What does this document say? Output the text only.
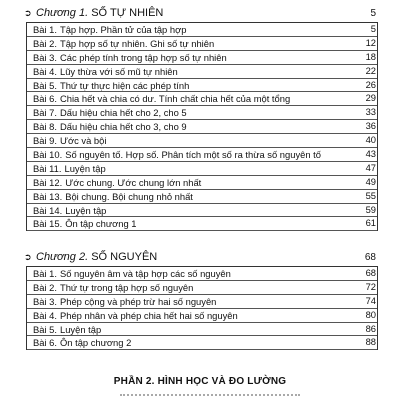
➲ Chương 1.
SỐ TỰ NHIÊN	5
Bài 1. Tập hợp. Phần tử của tập hợp
Bài 2. Tập hợp số tự nhiên. Ghi số tự nhiên
Bài 3. Các phép tính trong tập hợp số tự nhiên
Bài 4. Lũy thừa với số mũ tự nhiên
Bài 5. Thứ tự thực hiện các phép tính
Bài 6. Chia hết và chia có dư. Tính chất chia hết của một tổng
Bài 7. Dấu hiệu chia hết cho 2, cho 5
Bài 8. Dấu hiệu chia hết cho 3, cho 9
Bài 9. Ước và bội
Bài 10. Số nguyên tố. Hợp số. Phân tích một số ra thừa số nguyên tố
Bài 11. Luyện tập
Bài 12. Ước chung. Ước chung lớn nhất
Bài 13. Bội chung. Bội chung nhỏ nhất
Bài 14. Luyện tập
Bài 15. Ôn tập chương 1
5
12
18
22
26
29
33
36
40
43
47
49
55
59
61
➲ Chương 2.
SỐ NGUYÊN	68
Bài 1. Số nguyên âm và tập hợp các số nguyên
Bài 2. Thứ tự trong tập hợp số nguyên
Bài 3. Phép cộng và phép trừ hai số nguyên
Bài 4. Phép nhân và phép chia hết hai số nguyên
Bài 5. Luyện tập
Bài 6. Ôn tập chương 2
68
72
74
80
86
88
PHẦN 2. HÌNH HỌC VÀ ĐO LƯỜNG
